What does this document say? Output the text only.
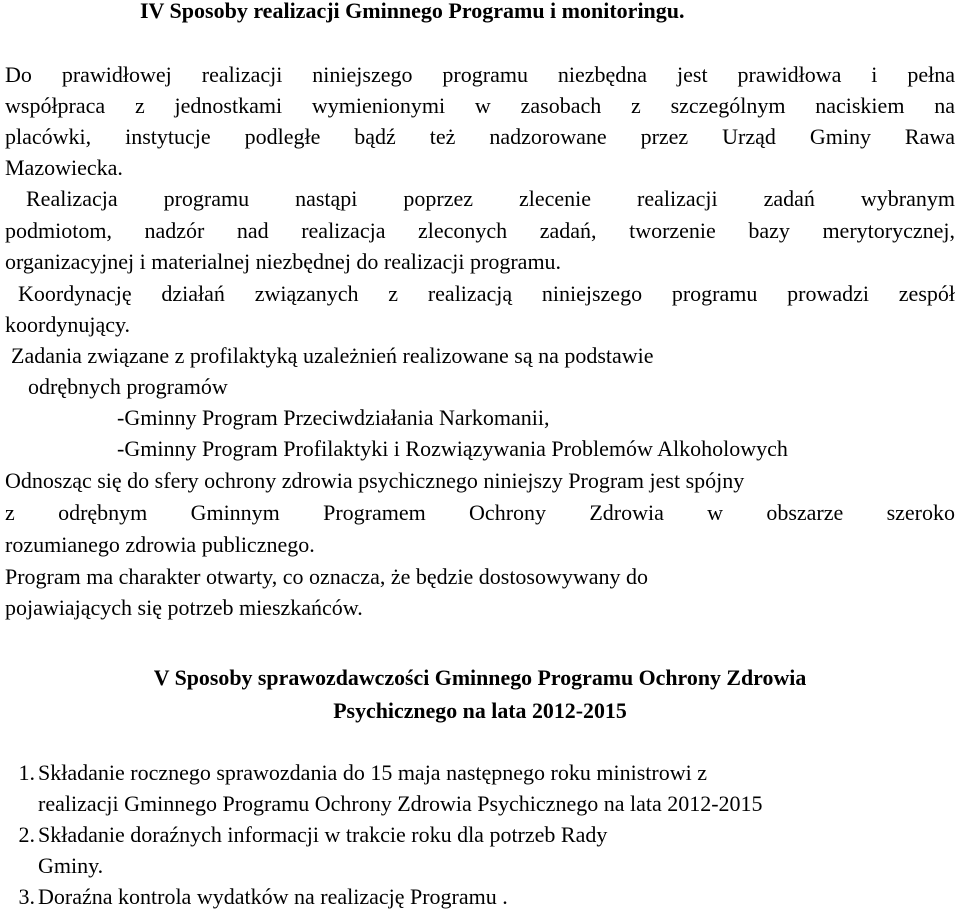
IV Sposoby realizacji Gminnego Programu i monitoringu.
Do prawidłowej realizacji niniejszego programu niezbędna jest prawidłowa i pełna
współpraca z jednostkami wymienionymi w zasobach z szczególnym naciskiem na
placówki, instytucje podległe bądź też nadzorowane przez Urząd Gminy Rawa
Mazowiecka.
Realizacja programu nastąpi poprzez zlecenie realizacji zadań wybranym
podmiotom, nadzór nad realizacja zleconych zadań, tworzenie bazy merytorycznej,
organizacyjnej i materialnej niezbędnej do realizacji programu.
Koordynację działań związanych z realizacją niniejszego programu prowadzi zespół
koordynujący.
Zadania związane z profilaktyką uzależnień realizowane są na podstawie
odrębnych programów
-Gminny Program Przeciwdziałania Narkomanii,
-Gminny Program Profilaktyki i Rozwiązywania Problemów Alkoholowych
Odnosząc się do sfery ochrony zdrowia psychicznego niniejszy Program jest spójny
z odrębnym Gminnym Programem Ochrony Zdrowia w obszarze szeroko
rozumianego zdrowia publicznego.
Program ma charakter otwarty, co oznacza, że będzie dostosowywany do
pojawiających się potrzeb mieszkańców.
V Sposoby sprawozdawczości Gminnego Programu Ochrony Zdrowia
Psychicznego na lata 2012-2015
1. Składanie rocznego sprawozdania do 15 maja następnego roku ministrowi z
realizacji Gminnego Programu Ochrony Zdrowia Psychicznego na lata 2012-2015
2. Składanie doraźnych informacji w trakcie roku dla potrzeb Rady
Gminy.
3. Doraźna kontrola wydatków na realizację Programu .
